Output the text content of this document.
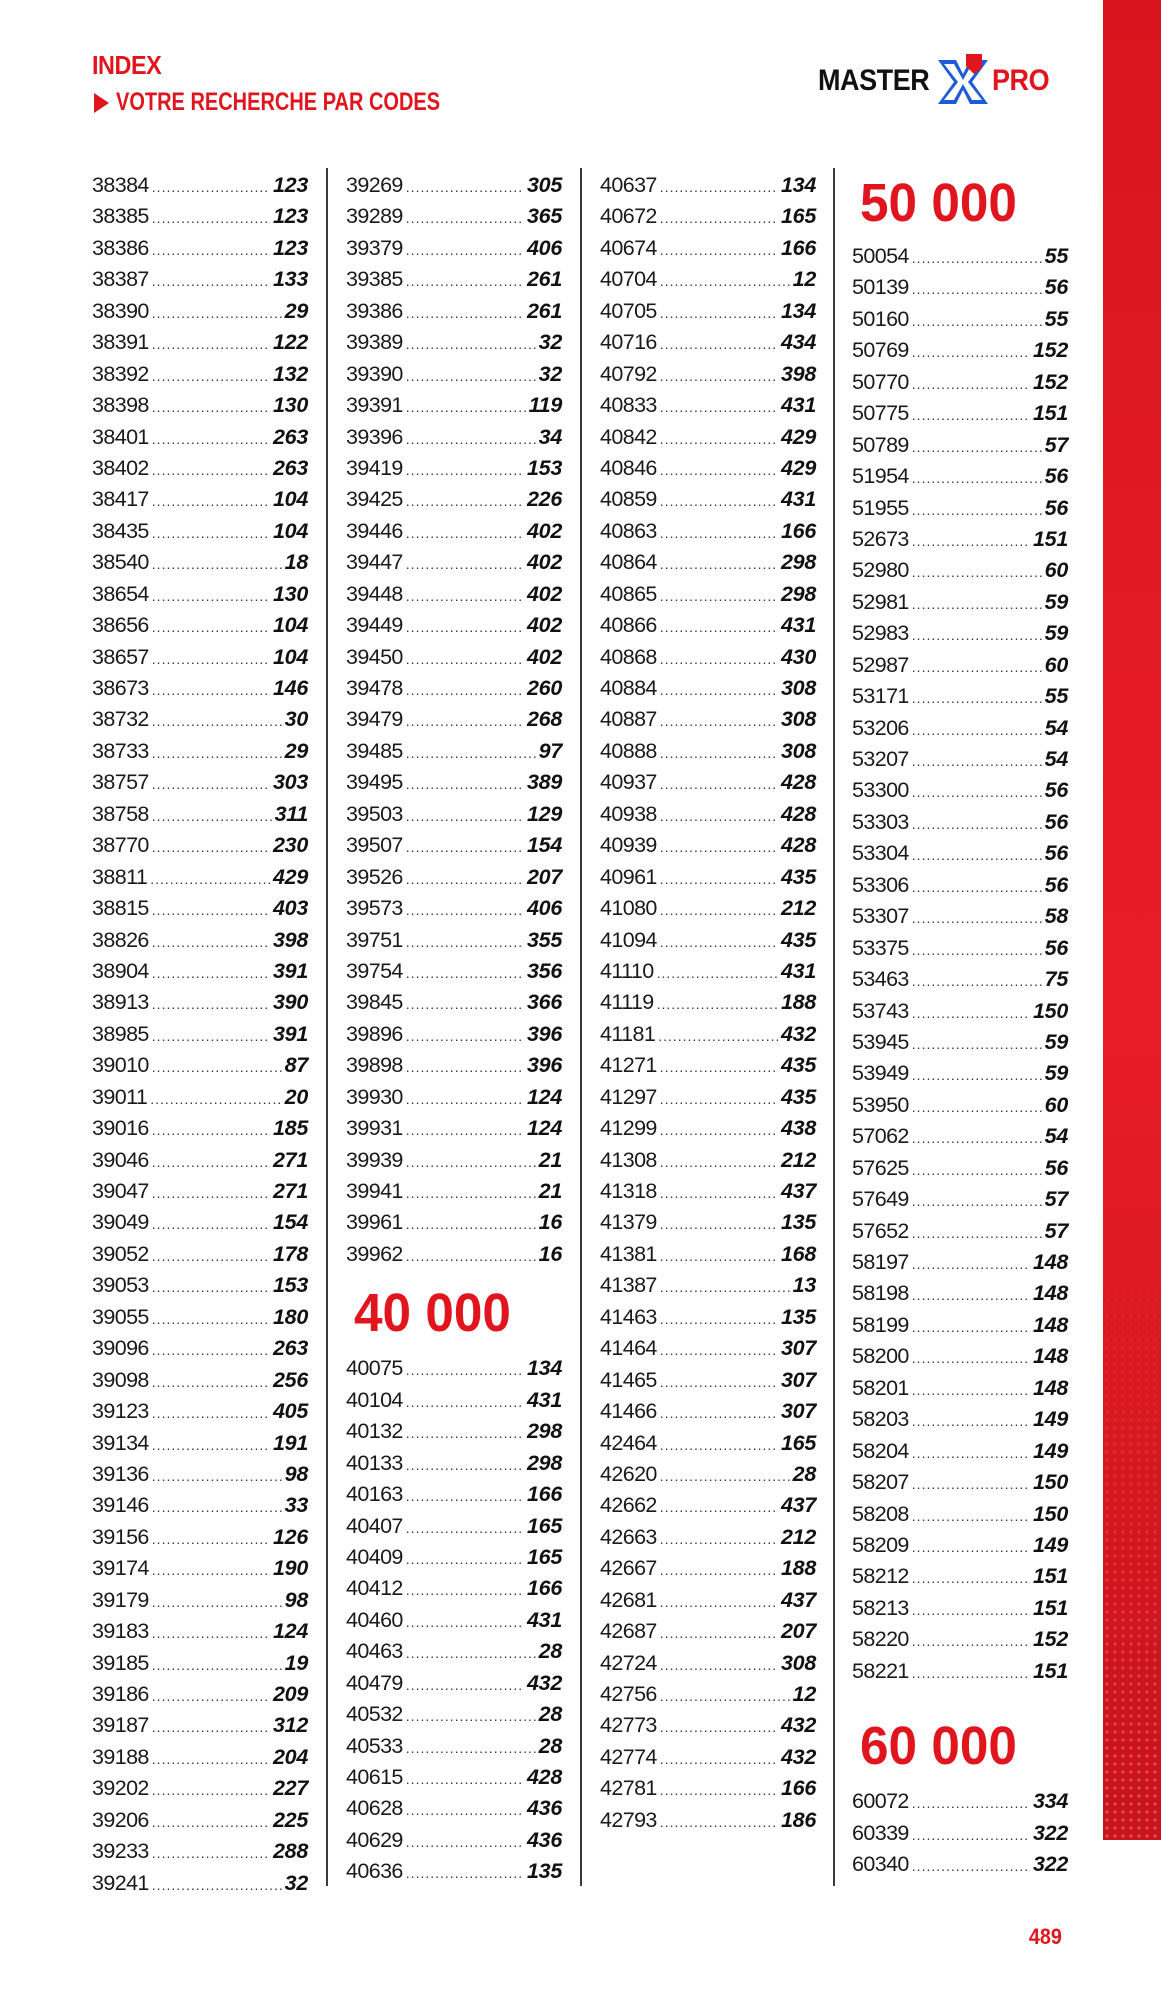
INDEX
VOTRE RECHERCHE PAR CODES
MASTER PRO
38384 .....	123
38385 .....	123
38386 .....	123
38387 .....	133
38390 .....	29
38391 .....	122
38392 .....	132
38398 .....	130
38401 .....	263
38402 .....	263
38417 .....	104
38435 .....	104
38540 .....	18
38654 .....	130
38656 .....	104
38657 .....	104
38673 .....	146
38732 .....	30
38733 .....	29
38757 .....	303
38758 .....	311
38770 .....	230
38811 .....	429
38815 .....	403
38826 .....	398
38904 .....	391
38913 .....	390
38985 .....	391
39010 .....	87
39011 .....	20
39016 .....	185
39046 .....	271
39047 .....	271
39049 .....	154
39052 .....	178
39053 .....	153
39055 .....	180
39096 .....	263
39098 .....	256
39123 .....	405
39134 .....	191
39136 .....	98
39146 .....	33
39156 .....	126
39174 .....	190
39179 .....	98
39183 .....	124
39185 .....	19
39186 .....	209
39187 .....	312
39188 .....	204
39202 .....	227
39206 .....	225
39233 .....	288
39241 .....	32
39269 .....	305
39289 .....	365
39379 .....	406
39385 .....	261
39386 .....	261
39389 .....	32
39390 .....	32
39391 .....	119
39396 .....	34
39419 .....	153
39425 .....	226
39446 .....	402
39447 .....	402
39448 .....	402
39449 .....	402
39450 .....	402
39478 .....	260
39479 .....	268
39485 .....	97
39495 .....	389
39503 .....	129
39507 .....	154
39526 .....	207
39573 .....	406
39751 .....	355
39754 .....	356
39845 .....	366
39896 .....	396
39898 .....	396
39930 .....	124
39931 .....	124
39939 .....	21
39941 .....	21
39961 .....	16
39962 .....	16
40 000
40075 .....	134
40104 .....	431
40132 .....	298
40133 .....	298
40163 .....	166
40407 .....	165
40409 .....	165
40412 .....	166
40460 .....	431
40463 .....	28
40479 .....	432
40532 .....	28
40533 .....	28
40615 .....	428
40628 .....	436
40629 .....	436
40636 .....	135
40637 .....	134
40672 .....	165
40674 .....	166
40704 .....	12
40705 .....	134
40716 .....	434
40792 .....	398
40833 .....	431
40842 .....	429
40846 .....	429
40859 .....	431
40863 .....	166
40864 .....	298
40865 .....	298
40866 .....	431
40868 .....	430
40884 .....	308
40887 .....	308
40888 .....	308
40937 .....	428
40938 .....	428
40939 .....	428
40961 .....	435
41080 .....	212
41094 .....	435
41110 .....	431
41119 .....	188
41181 .....	432
41271 .....	435
41297 .....	435
41299 .....	438
41308 .....	212
41318 .....	437
41379 .....	135
41381 .....	168
41387 .....	13
41463 .....	135
41464 .....	307
41465 .....	307
41466 .....	307
42464 .....	165
42620 .....	28
42662 .....	437
42663 .....	212
42667 .....	188
42681 .....	437
42687 .....	207
42724 .....	308
42756 .....	12
42773 .....	432
42774 .....	432
42781 .....	166
42793 .....	186
50 000
50054 .....	55
50139 .....	56
50160 .....	55
50769 .....	152
50770 .....	152
50775 .....	151
50789 .....	57
51954 .....	56
51955 .....	56
52673 .....	151
52980 .....	60
52981 .....	59
52983 .....	59
52987 .....	60
53171 .....	55
53206 .....	54
53207 .....	54
53300 .....	56
53303 .....	56
53304 .....	56
53306 .....	56
53307 .....	58
53375 .....	56
53463 .....	75
53743 .....	150
53945 .....	59
53949 .....	59
53950 .....	60
57062 .....	54
57625 .....	56
57649 .....	57
57652 .....	57
58197 .....	148
58198 .....	148
58199 .....	148
58200 .....	148
58201 .....	148
58203 .....	149
58204 .....	149
58207 .....	150
58208 .....	150
58209 .....	149
58212 .....	151
58213 .....	151
58220 .....	152
58221 .....	151
60 000
60072 .....	334
60339 .....	322
60340 .....	322
489
